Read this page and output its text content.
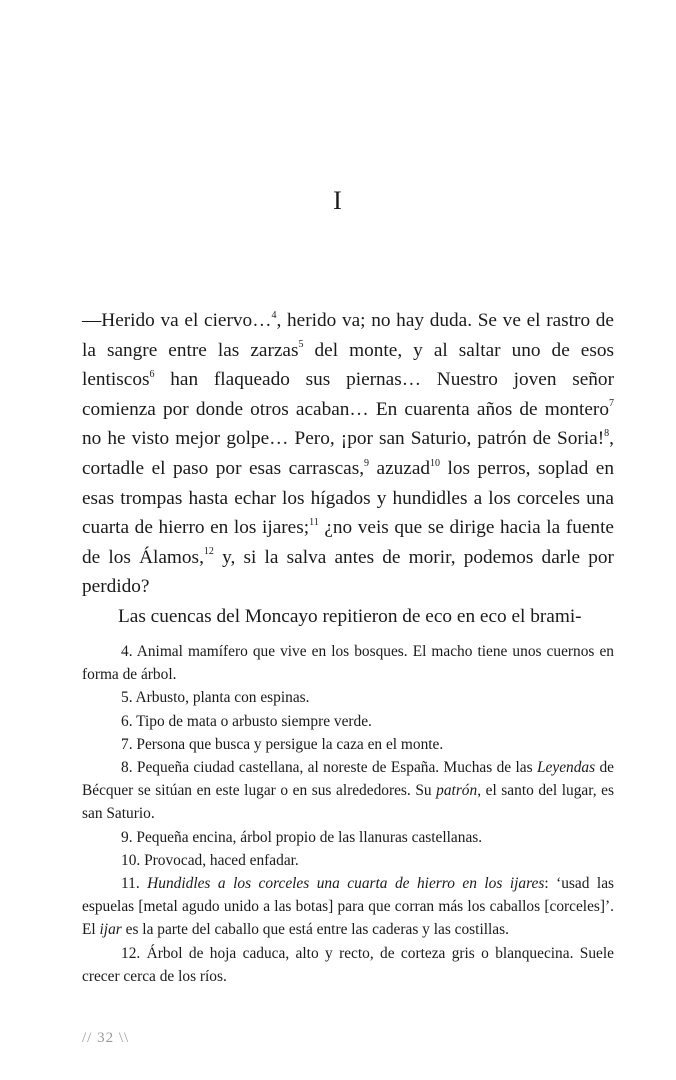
I

—Herido va el ciervo…$^4$, herido va; no hay duda. Se ve el rastro de la sangre entre las zarzas$^5$ del monte, y al saltar uno de esos lentiscos$^6$ han flaqueado sus piernas… Nuestro joven señor comienza por donde otros acaban… En cuarenta años de montero$^7$ no he visto mejor golpe… Pero, ¡por san Saturio, patrón de Soria!$^8$, cortadle el paso por esas carrascas,$^9$ azuzad$^{10}$ los perros, soplad en esas trompas hasta echar los hígados y hundidles a los corceles una cuarta de hierro en los ijares;$^{11}$ ¿no veis que se dirige hacia la fuente de los Álamos,$^{12}$ y, si la salva antes de morir, podemos darle por perdido?

Las cuencas del Moncayo repitieron de eco en eco el brami-

4. Animal mamífero que vive en los bosques. El macho tiene unos cuernos en forma de árbol.

5. Arbusto, planta con espinas.

6. Tipo de mata o arbusto siempre verde.

7. Persona que busca y persigue la caza en el monte.

8. Pequeña ciudad castellana, al noreste de España. Muchas de las Leyendas de Bécquer se sitúan en este lugar o en sus alrededores. Su patrón, el santo del lugar, es san Saturio.

9. Pequeña encina, árbol propio de las llanuras castellanas.

10. Provocad, haced enfadar.

11. Hundidles a los corceles una cuarta de hierro en los ijares: ‘usad las espuelas [metal agudo unido a las botas] para que corran más los caballos [corceles]’. El ijar es la parte del caballo que está entre las caderas y las costillas.

12. Árbol de hoja caduca, alto y recto, de corteza gris o blanquecina. Suele crecer cerca de los ríos.

// 32 \\
